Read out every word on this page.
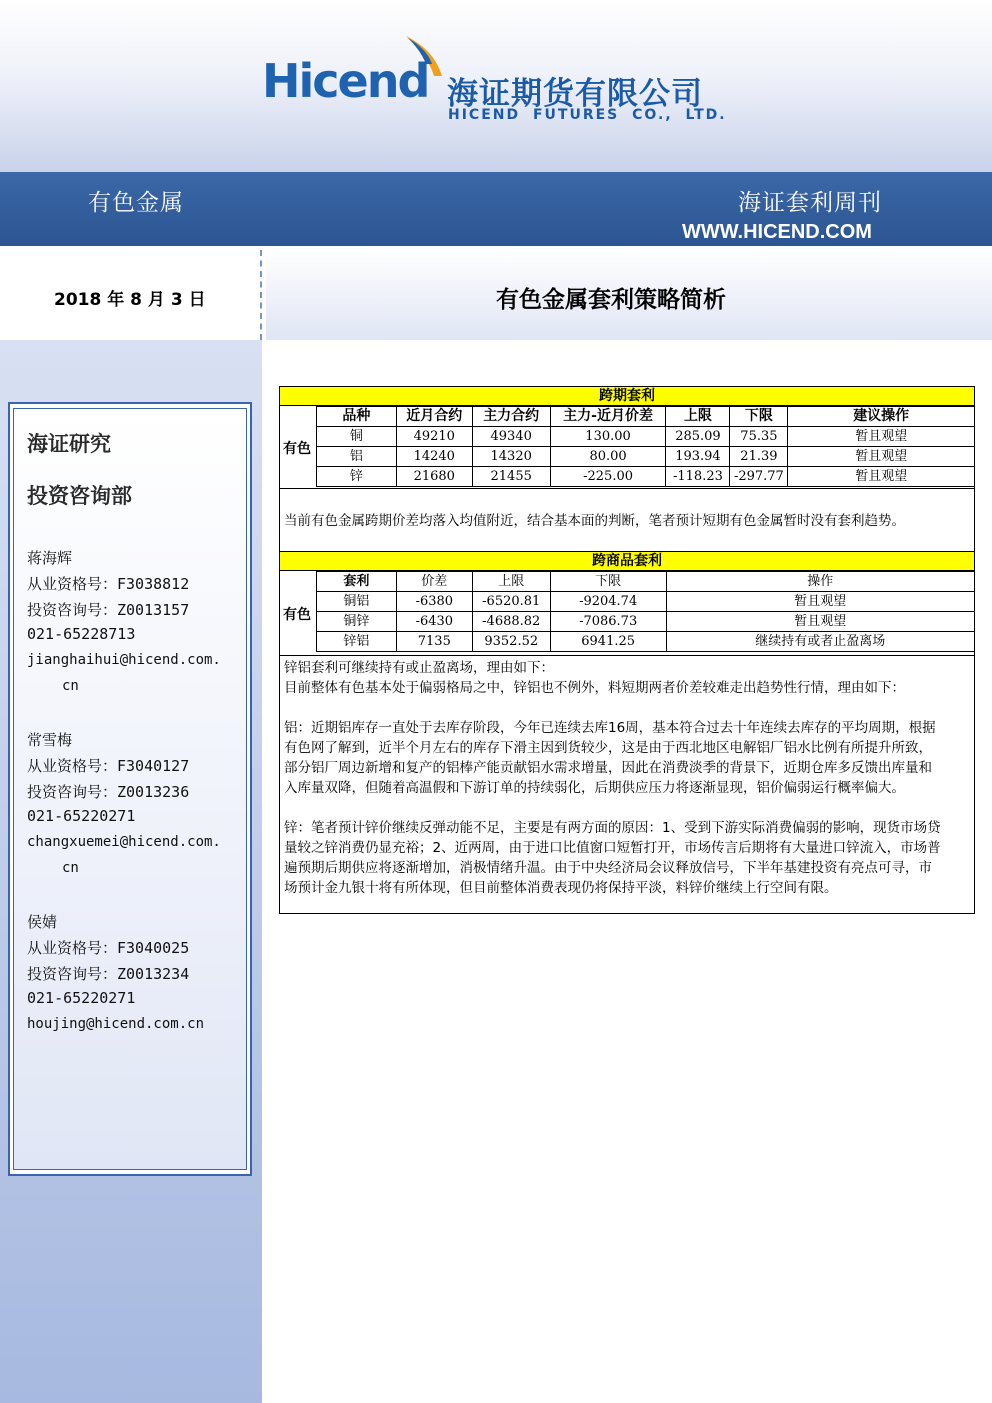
Hicend 海证期货有限公司
HICEND FUTURES CO., LTD.
有色金属	海证套利周刊
WWW.HICEND.COM
2018 年 8 月 3 日	有色金属套利策略简析
海证研究
投资咨询部
蒋海辉
从业资格号：F3038812
投资咨询号：Z0013157
021-65228713
jianghaihui@hicend.com.
cn
常雪梅
从业资格号：F3040127
投资咨询号：Z0013236
021-65220271
changxuemei@hicend.com.
cn
侯婧
从业资格号：F3040025
投资咨询号：Z0013234
021-65220271
houjing@hicend.com.cn
跨期套利
有色
品种	近月合约	主力合约	主力-近月价差	上限	下限	建议操作
铜	49210	49340	130.00	285.09	75.35	暂且观望
铝	14240	14320	80.00	193.94	21.39	暂且观望
锌	21680	21455	-225.00	-118.23	-297.77	暂且观望
当前有色金属跨期价差均落入均值附近，结合基本面的判断，笔者预计短期有色金属暂时没有套利趋势。
跨商品套利
有色
套利	价差	上限	下限	操作
铜铝	-6380	-6520.81	-9204.74	暂且观望
铜锌	-6430	-4688.82	-7086.73	暂且观望
锌铝	7135	9352.52	6941.25	继续持有或者止盈离场
锌铝套利可继续持有或止盈离场，理由如下：
目前整体有色基本处于偏弱格局之中，锌铝也不例外，料短期两者价差较难走出趋势性行情，理由如下：
铝：近期铝库存一直处于去库存阶段，今年已连续去库16周，基本符合过去十年连续去库存的平均周期，根据
有色网了解到，近半个月左右的库存下滑主因到货较少，这是由于西北地区电解铝厂铝水比例有所提升所致，
部分铝厂周边新增和复产的铝棒产能贡献铝水需求增量，因此在消费淡季的背景下，近期仓库多反馈出库量和
入库量双降，但随着高温假和下游订单的持续弱化，后期供应压力将逐渐显现，铝价偏弱运行概率偏大。
锌：笔者预计锌价继续反弹动能不足，主要是有两方面的原因：1、受到下游实际消费偏弱的影响，现货市场贷
量较之锌消费仍显充裕；2、近两周，由于进口比值窗口短暂打开，市场传言后期将有大量进口锌流入，市场普
遍预期后期供应将逐渐增加，消极情绪升温。由于中央经济局会议释放信号，下半年基建投资有亮点可寻，市
场预计金九银十将有所体现，但目前整体消费表现仍将保持平淡，料锌价继续上行空间有限。
